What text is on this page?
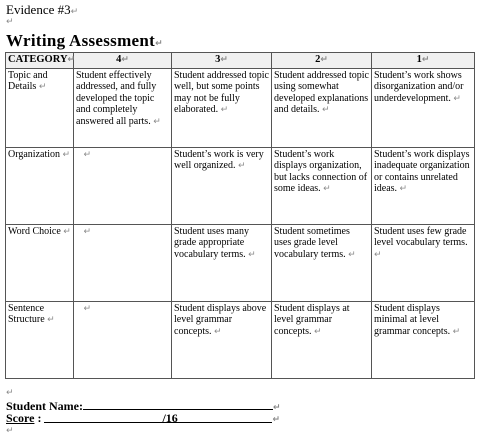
Evidence #3↵
↵
Writing Assessment↵
CATEGORY↵	4↵	3↵	2↵	1↵
Topic and Details ↵	Student effectively addressed, and fully developed the topic and completely answered all parts. ↵	Student addressed topic well, but some points may not be fully elaborated. ↵	Student addressed topic using somewhat developed explanations and details. ↵	Student’s work shows disorganization and/or underdevelopment. ↵
Organization ↵	↵	Student’s work is very well organized. ↵	Student’s work displays organization, but lacks connection of some ideas. ↵	Student’s work displays inadequate organization or contains unrelated ideas. ↵
Word Choice ↵	↵	Student uses many grade appropriate vocabulary terms. ↵	Student sometimes uses grade level vocabulary terms. ↵	Student uses few grade level vocabulary terms. ↵
Sentence Structure ↵	↵	Student displays above level grammar concepts. ↵	Student displays at level grammar concepts. ↵	Student displays minimal at level grammar concepts. ↵
↵
Student Name:	↵
Score :	/16	↵
↵
